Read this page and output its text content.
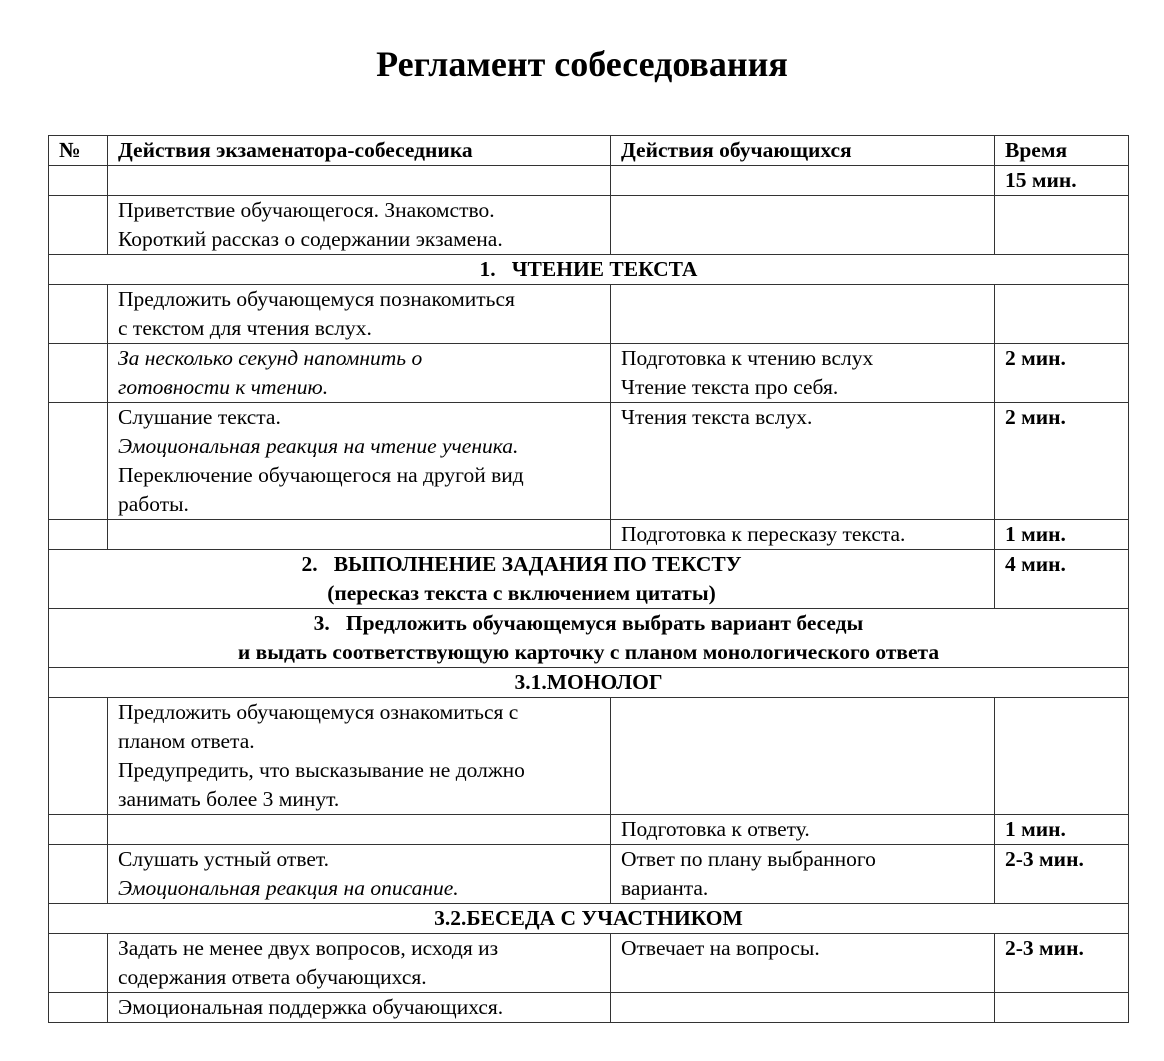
Регламент собеседования
№	Действия экзаменатора-собеседника	Действия обучающихся	Время
			15 мин.

	Приветствие обучающегося. Знакомство.
Короткий рассказ о содержании экзамена.		

1.   ЧТЕНИЕ ТЕКСТА			

	Предложить обучающемуся познакомиться
с текстом для чтения вслух.		

	За несколько секунд напомнить о
готовности к чтению.	Подготовка к чтению вслух
Чтение текста про себя.	2 мин.

	Слушание текста.
Эмоциональная реакция на чтение ученика.
Переключение обучающегося на другой вид
работы.	Чтения текста вслух.	2 мин.
		Подготовка к пересказу текста.	1 мин.

2.   ВЫПОЛНЕНИЕ ЗАДАНИЯ ПО ТЕКСТУ
(пересказ текста с включением цитаты)			4 мин.

3.   Предложить обучающемуся выбрать вариант беседы
и выдать соответствующую карточку с планом монологического ответа			

3.1.МОНОЛОГ			

	Предложить обучающемуся ознакомиться с
планом ответа.
Предупредить, что высказывание не должно
занимать более 3 минут.		

		Подготовка к ответу.	1 мин.

	Слушать устный ответ.
Эмоциональная реакция на описание.	Ответ по плану выбранного
варианта.	2-3 мин.
3.2.БЕСЕДА С УЧАСТНИКОМ			

	Задать не менее двух вопросов, исходя из
содержания ответа обучающихся.	Отвечает на вопросы.	2-3 мин.
	Эмоциональная поддержка обучающихся.		
